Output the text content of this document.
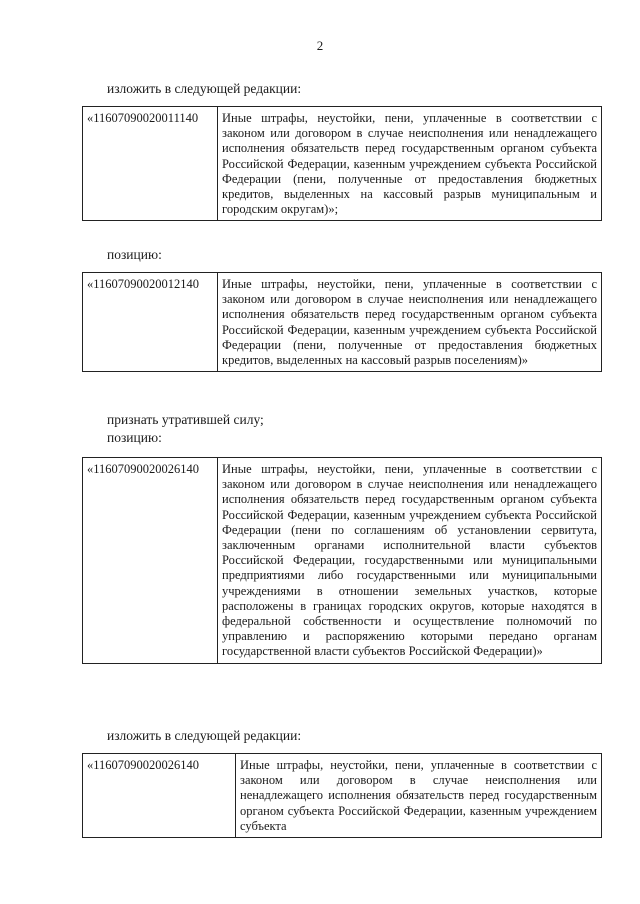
2
изложить в следующей редакции:
«11607090020011140	Иные штрафы, неустойки, пени, уплаченные в соответствии с законом или договором в случае неисполнения или ненадлежащего исполнения обязательств перед государственным органом субъекта Российской Федерации, казенным учреждением субъекта Российской Федерации (пени, полученные от предоставления бюджетных кредитов, выделенных на кассовый разрыв муниципальным и городским округам)»;
позицию:
«11607090020012140	Иные штрафы, неустойки, пени, уплаченные в соответствии с законом или договором в случае неисполнения или ненадлежащего исполнения обязательств перед государственным органом субъекта Российской Федерации, казенным учреждением субъекта Российской Федерации (пени, полученные от предоставления бюджетных кредитов, выделенных на кассовый разрыв поселениям)»
признать утратившей силу;
позицию:
«11607090020026140	Иные штрафы, неустойки, пени, уплаченные в соответствии с законом или договором в случае неисполнения или ненадлежащего исполнения обязательств перед государственным органом субъекта Российской Федерации, казенным учреждением субъекта Российской Федерации (пени по соглашениям об установлении сервитута, заключенным органами исполнительной власти субъектов Российской Федерации, государственными или муниципальными предприятиями либо государственными или муниципальными учреждениями в отношении земельных участков, которые расположены в границах городских округов, которые находятся в федеральной собственности и осуществление полномочий по управлению и распоряжению которыми передано органам государственной власти субъектов Российской Федерации)»
изложить в следующей редакции:
«11607090020026140	Иные штрафы, неустойки, пени, уплаченные в соответствии с законом или договором в случае неисполнения или ненадлежащего исполнения обязательств перед государственным органом субъекта Российской Федерации, казенным учреждением субъекта
